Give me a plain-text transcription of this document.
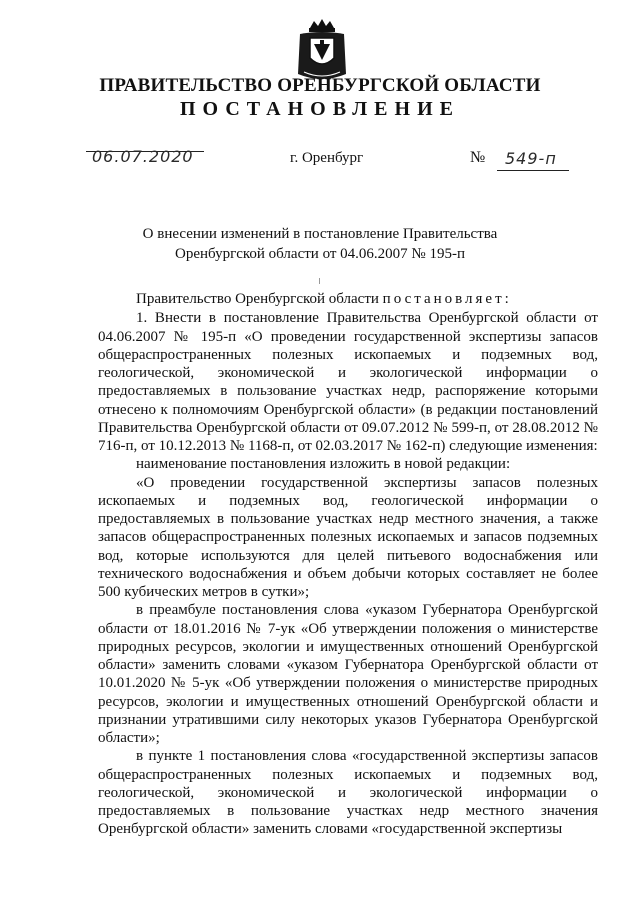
ПРАВИТЕЛЬСТВО ОРЕНБУРГСКОЙ ОБЛАСТИ
ПОСТАНОВЛЕНИЕ
06.07.2020	г. Оренбург	№ 549-п
О внесении изменений в постановление Правительства
Оренбургской области от 04.06.2007 № 195-п

Правительство Оренбургской области постановляет:

1. Внести в постановление Правительства Оренбургской области от 04.06.2007 № 195-п «О проведении государственной экспертизы запасов общераспространенных полезных ископаемых и подземных вод, геологической, экономической и экологической информации о предоставляемых в пользование участках недр, распоряжение которыми отнесено к полномочиям Оренбургской области» (в редакции постановлений Правительства Оренбургской области от 09.07.2012 № 599-п, от 28.08.2012 № 716-п, от 10.12.2013 № 1168-п, от 02.03.2017 № 162-п) следующие изменения:

наименование постановления изложить в новой редакции:

«О проведении государственной экспертизы запасов полезных ископаемых и подземных вод, геологической информации о предоставляемых в пользование участках недр местного значения, а также запасов общераспространенных полезных ископаемых и запасов подземных вод, которые используются для целей питьевого водоснабжения или технического водоснабжения и объем добычи которых составляет не более 500 кубических метров в сутки»;

в преамбуле постановления слова «указом Губернатора Оренбургской области от 18.01.2016 № 7-ук «Об утверждении положения о министерстве природных ресурсов, экологии и имущественных отношений Оренбургской области» заменить словами «указом Губернатора Оренбургской области от 10.01.2020 № 5-ук «Об утверждении положения о министерстве природных ресурсов, экологии и имущественных отношений Оренбургской области и признании утратившими силу некоторых указов Губернатора Оренбургской области»;

в пункте 1 постановления слова «государственной экспертизы запасов общераспространенных полезных ископаемых и подземных вод, геологической, экономической и экологической информации о предоставляемых в пользование участках недр местного значения Оренбургской области» заменить словами «государственной экспертизы
